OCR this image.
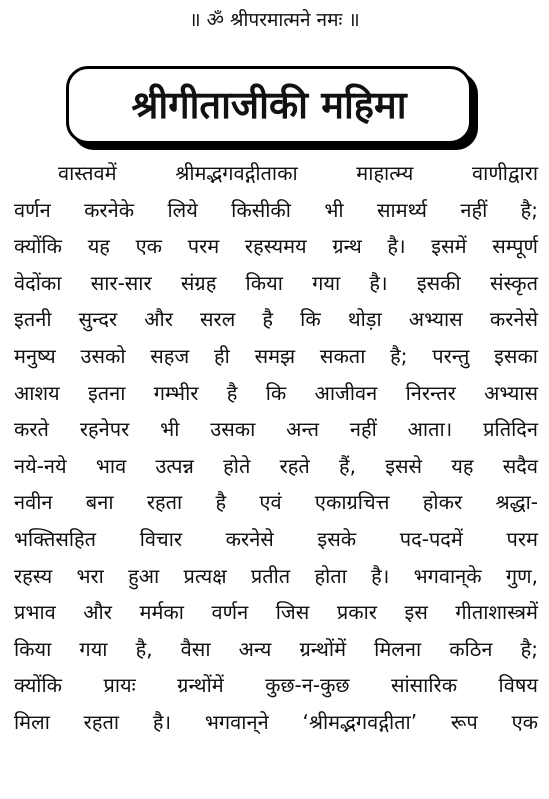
॥ ॐ श्रीपरमात्मने नमः ॥
श्रीगीताजीकी महिमा
वास्तवमें श्रीमद्भगवद्गीताका माहात्म्य वाणीद्वारा
वर्णन करनेके लिये किसीकी भी सामर्थ्य नहीं है;
क्योंकि यह एक परम रहस्यमय ग्रन्थ है। इसमें सम्पूर्ण
वेदोंका सार-सार संग्रह किया गया है। इसकी संस्कृत
इतनी सुन्दर और सरल है कि थोड़ा अभ्यास करनेसे
मनुष्य उसको सहज ही समझ सकता है; परन्तु इसका
आशय इतना गम्भीर है कि आजीवन निरन्तर अभ्यास
करते रहनेपर भी उसका अन्त नहीं आता। प्रतिदिन
नये-नये भाव उत्पन्न होते रहते हैं, इससे यह सदैव
नवीन बना रहता है एवं एकाग्रचित्त होकर श्रद्धा-
भक्तिसहित विचार करनेसे इसके पद-पदमें परम
रहस्य भरा हुआ प्रत्यक्ष प्रतीत होता है। भगवान्‌के गुण,
प्रभाव और मर्मका वर्णन जिस प्रकार इस गीताशास्त्रमें
किया गया है, वैसा अन्य ग्रन्थोंमें मिलना कठिन है;
क्योंकि प्रायः ग्रन्थोंमें कुछ-न-कुछ सांसारिक विषय
मिला रहता है। भगवान्‌ने ‘श्रीमद्भगवद्गीता’ रूप एक
